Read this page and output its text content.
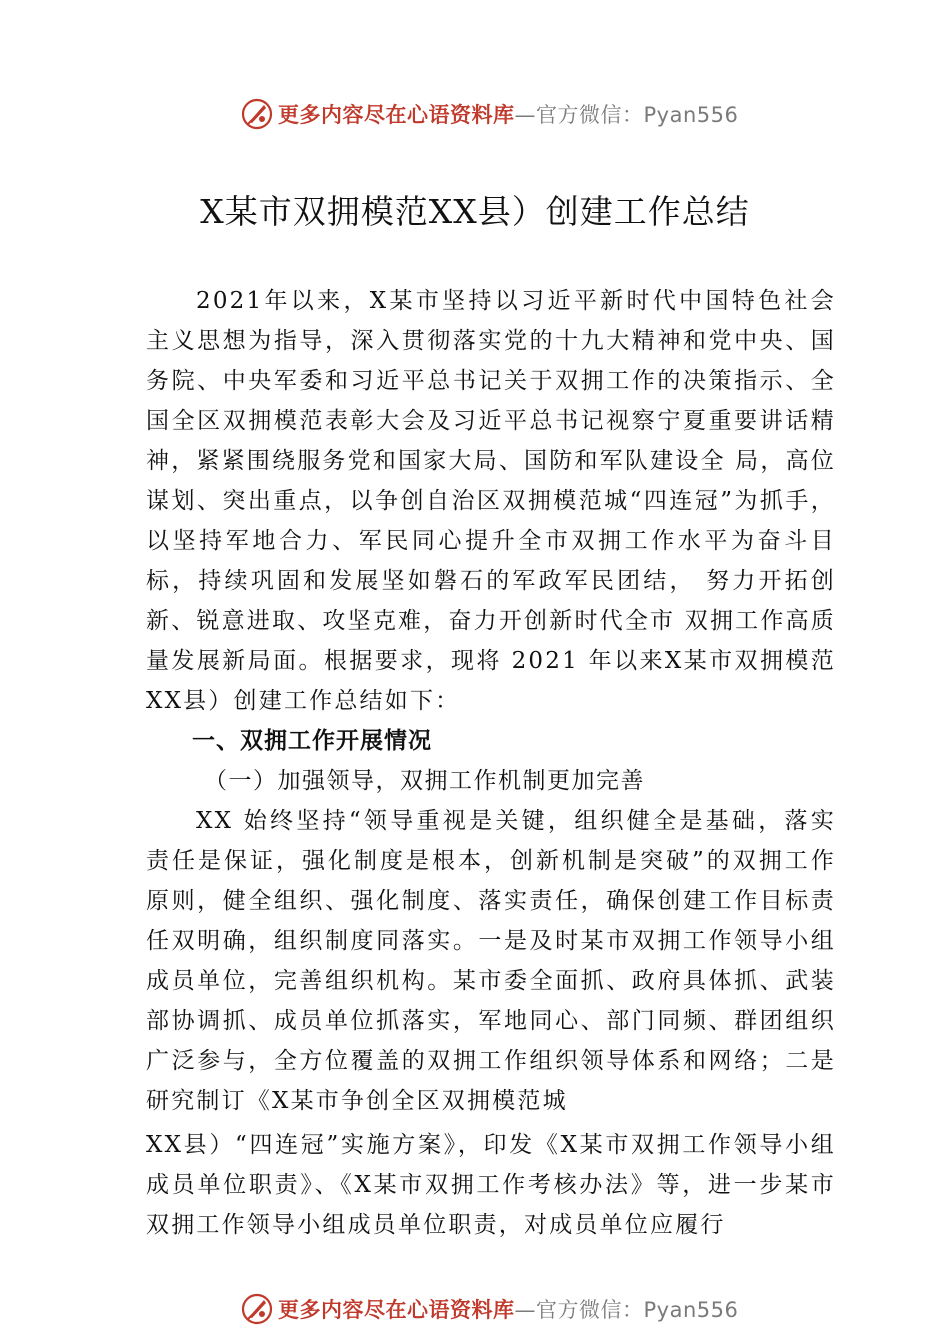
更多内容尽在心语资料库—官方微信：Pyan556
X某市双拥模范XX县）创建工作总结

2021年以来，X某市坚持以习近平新时代中国特色社会主义思想为指导，深入贯彻落实党的十九大精神和党中央、国务院、中央军委和习近平总书记关于双拥工作的决策指示、全国全区双拥模范表彰大会及习近平总书记视察宁夏重要讲话精神，紧紧围绕服务党和国家大局、国防和军队建设全 局，高位谋划、突出重点，以争创自治区双拥模范城“四连冠”为抓手，以坚持军地合力、军民同心提升全市双拥工作水平为奋斗目标，持续巩固和发展坚如磐石的军政军民团结， 努力开拓创新、锐意进取、攻坚克难，奋力开创新时代全市 双拥工作高质量发展新局面。根据要求，现将 2021 年以来X某市双拥模范XX县）创建工作总结如下：

一、双拥工作开展情况

（一）加强领导，双拥工作机制更加完善

XX 始终坚持“领导重视是关键，组织健全是基础，落实责任是保证，强化制度是根本，创新机制是突破”的双拥工作原则，健全组织、强化制度、落实责任，确保创建工作目标责任双明确，组织制度同落实。一是及时某市双拥工作领导小组成员单位，完善组织机构。某市委全面抓、政府具体抓、武装部协调抓、成员单位抓落实，军地同心、部门同频、群团组织广泛参与，全方位覆盖的双拥工作组织领导体系和网络；二是研究制订《X某市争创全区双拥模范城

XX县）“四连冠”实施方案》，印发《X某市双拥工作领导小组成员单位职责》、《X某市双拥工作考核办法》等，进一步某市双拥工作领导小组成员单位职责，对成员单位应履行

更多内容尽在心语资料库—官方微信：Pyan556
